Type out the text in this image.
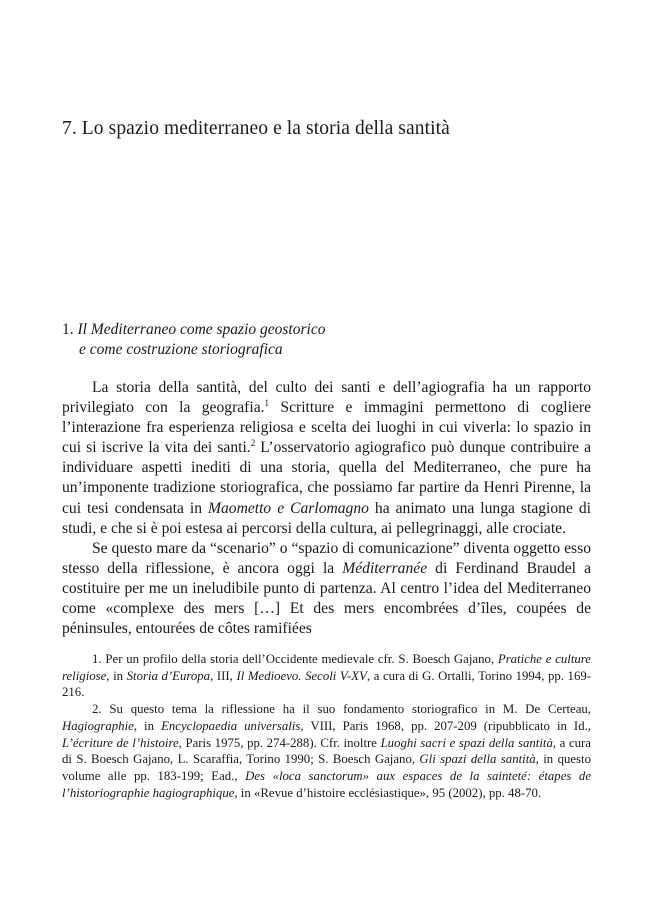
7. Lo spazio mediterraneo e la storia della santità
1. Il Mediterraneo come spazio geostorico
e come costruzione storiografica

La storia della santità, del culto dei santi e dell’agiografia ha un rapporto privilegiato con la geografia.$^1$ Scritture e immagini permettono di cogliere l’interazione fra esperienza religiosa e scelta dei luoghi in cui viverla: lo spazio in cui si iscrive la vita dei santi.$^2$ L’osservatorio agiografico può dunque contribuire a individuare aspetti inediti di una storia, quella del Mediterraneo, che pure ha un’imponente tradizione storiografica, che possiamo far partire da Henri Pirenne, la cui tesi condensata in Maometto e Carlomagno ha animato una lunga stagione di studi, e che si è poi estesa ai percorsi della cultura, ai pellegrinaggi, alle crociate.

Se questo mare da “scenario” o “spazio di comunicazione” diventa oggetto esso stesso della riflessione, è ancora oggi la Méditerranée di Ferdinand Braudel a costituire per me un ineludibile punto di partenza. Al centro l’idea del Mediterraneo come «complexe des mers […] Et des mers encombrées d’îles, coupées de péninsules, entourées de côtes ramifiées

1. Per un profilo della storia dell’Occidente medievale cfr. S. Boesch Gajano, Pratiche e culture religiose, in Storia d’Europa, III, Il Medioevo. Secoli V-XV, a cura di G. Ortalli, Torino 1994, pp. 169-216.

2. Su questo tema la riflessione ha il suo fondamento storiografico in M. De Certeau, Hagiographie, in Encyclopaedia universalis, VIII, Paris 1968, pp. 207-209 (ripubblicato in Id., L’écriture de l’histoire, Paris 1975, pp. 274-288). Cfr. inoltre Luoghi sacri e spazi della santità, a cura di S. Boesch Gajano, L. Scaraffia, Torino 1990; S. Boesch Gajano, Gli spazi della santità, in questo volume alle pp. 183-199; Ead., Des «loca sanctorum» aux espaces de la sainteté: étapes de l’historiographie hagiographique, in «Revue d’histoire ecclésiastique», 95 (2002), pp. 48-70.
